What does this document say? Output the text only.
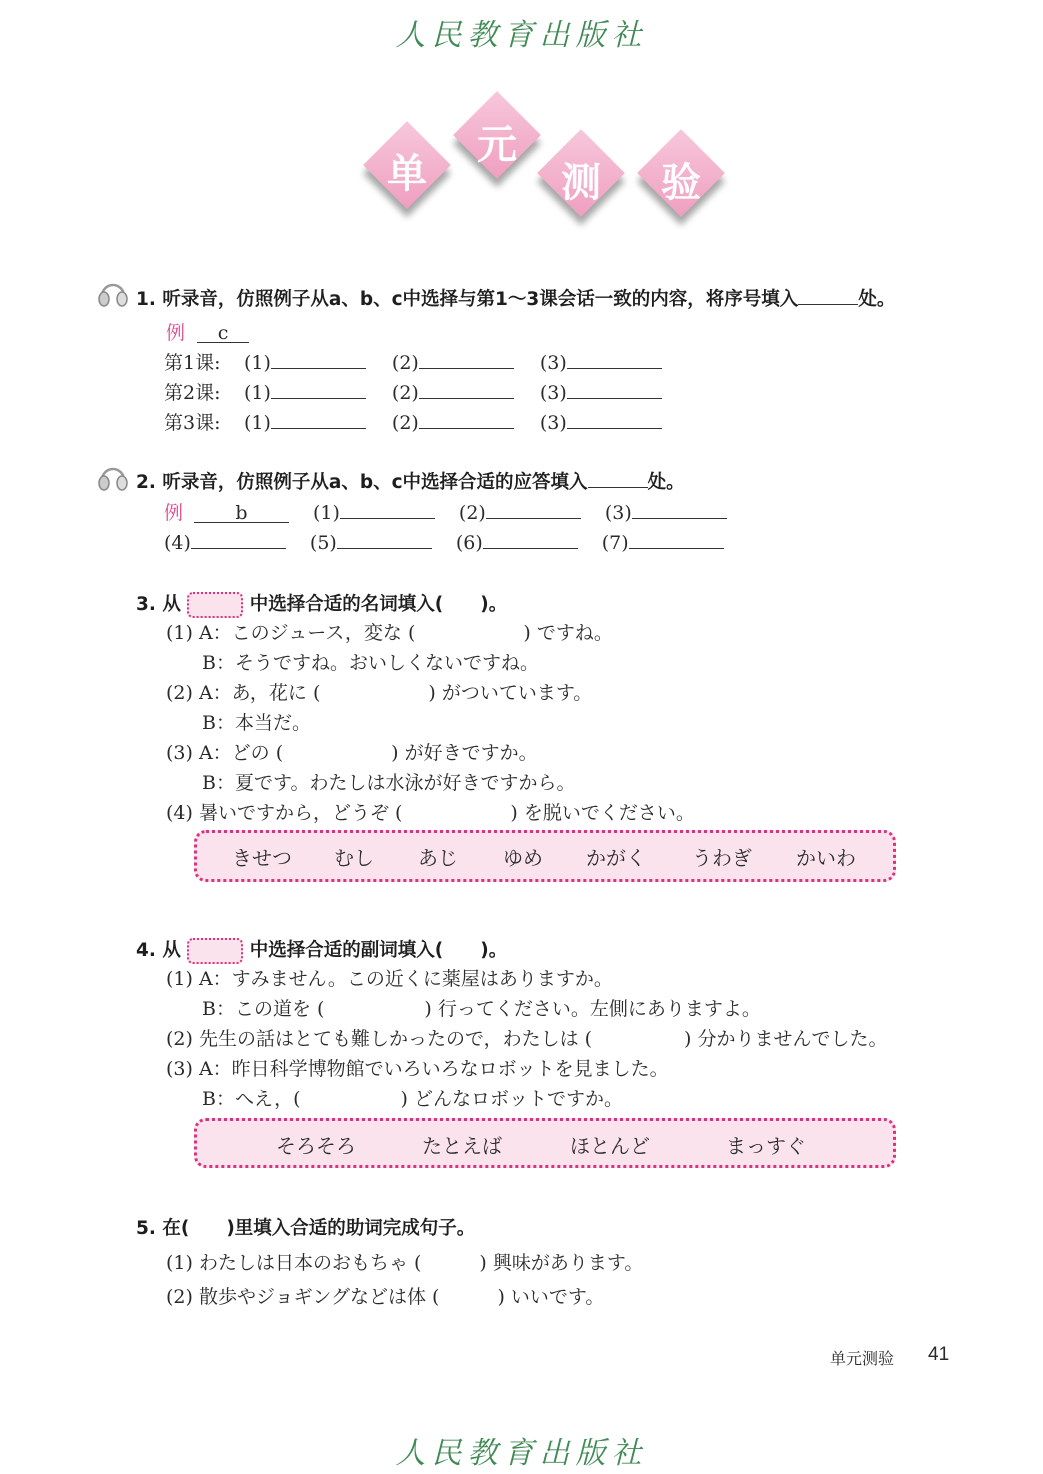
人民教育出版社
单
元
测	验
1. 听录音，仿照例子从a、b、c中选择与第1～3课会话一致的内容，将序号填入	处。
例 c
第1课: (1)	(2)	(3)
第2课: (1)	(2)	(3)
第3课: (1)	(2)	(3)
2. 听录音，仿照例子从a、b、c中选择合适的应答填入	处。
例	b	(1)	(2)	(3)
(4)	(5)	(6)	(7)
3. 从	中选择合适的名词填入(　　)。
(1) A：このジュース，変な (	) ですね。
B：そうですね。おいしくないですね。
(2) A：あ，花に (	) がついています。
B：本当だ。
(3) A：どの (	) が好きですか。
B：夏です。わたしは水泳が好きですから。
(4) 暑いですから，どうぞ (	) を脱いでください。
きせつ むし あじ ゆめ かがく うわぎ かいわ
4. 从	中选择合适的副词填入(　　)。
(1) A：すみません。この近くに薬屋はありますか。
B：この道を (	) 行ってください。左側にありますよ。
(2) 先生の話はとても難しかったので，わたしは (	) 分かりませんでした。
(3) A：昨日科学博物館でいろいろなロボットを見ました。
B：へえ，(	) どんなロボットですか。
そろそろ	たとえば	ほとんど	まっすぐ
5. 在(　　)里填入合适的助词完成句子。
(1) わたしは日本のおもちゃ (	) 興味があります。
(2) 散歩やジョギングなどは体 (	) いいです。
单元测验 41
人民教育出版社
